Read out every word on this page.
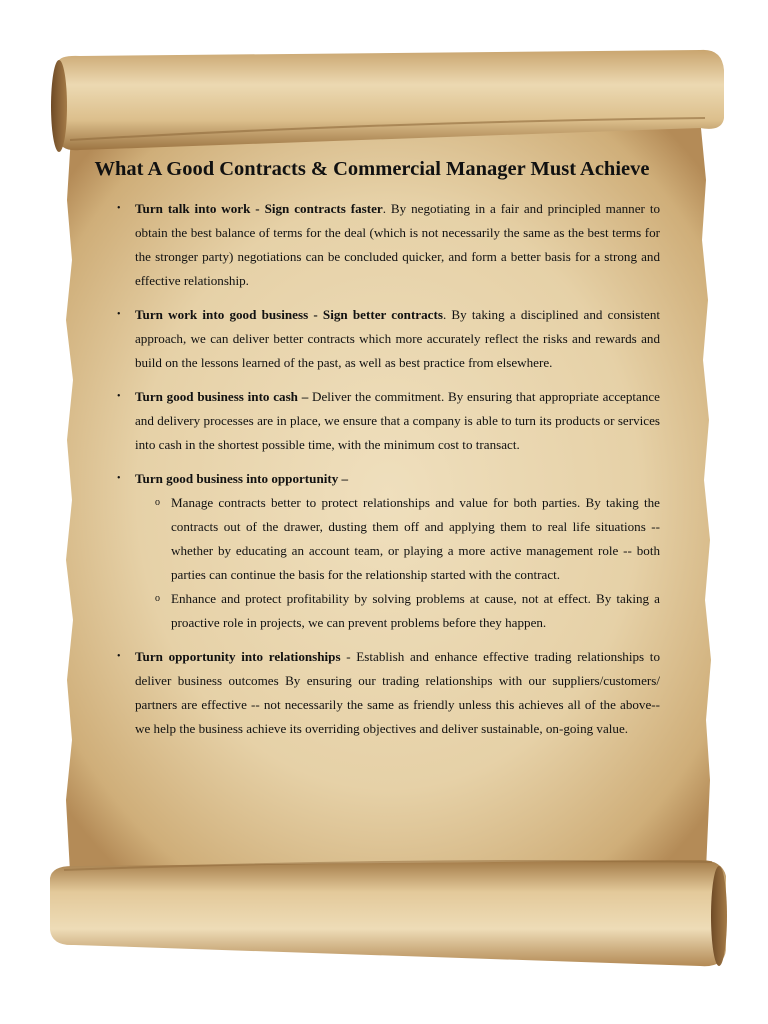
What A Good Contracts & Commercial Manager Must Achieve
• Turn talk into work - Sign contracts faster. By negotiating in a fair and principled manner to obtain the best balance of terms for the deal (which is not necessarily the same as the best terms for the stronger party) negotiations can be concluded quicker, and form a better basis for a strong and effective relationship.
• Turn work into good business - Sign better contracts. By taking a disciplined and consistent approach, we can deliver better contracts which more accurately reflect the risks and rewards and build on the lessons learned of the past, as well as best practice from elsewhere.
• Turn good business into cash – Deliver the commitment. By ensuring that appropriate acceptance and delivery processes are in place, we ensure that a company is able to turn its products or services into cash in the shortest possible time, with the minimum cost to transact.
• Turn good business into opportunity –
o Manage contracts better to protect relationships and value for both parties. By taking the contracts out of the drawer, dusting them off and applying them to real life situations -- whether by educating an account team, or playing a more active management role -- both parties can continue the basis for the relationship started with the contract.
o Enhance and protect profitability by solving problems at cause, not at effect. By taking a proactive role in projects, we can prevent problems before they happen.
• Turn opportunity into relationships - Establish and enhance effective trading relationships to deliver business outcomes By ensuring our trading relationships with our suppliers/customers/ partners are effective -- not necessarily the same as friendly unless this achieves all of the above-- we help the business achieve its overriding objectives and deliver sustainable, on-going value.
